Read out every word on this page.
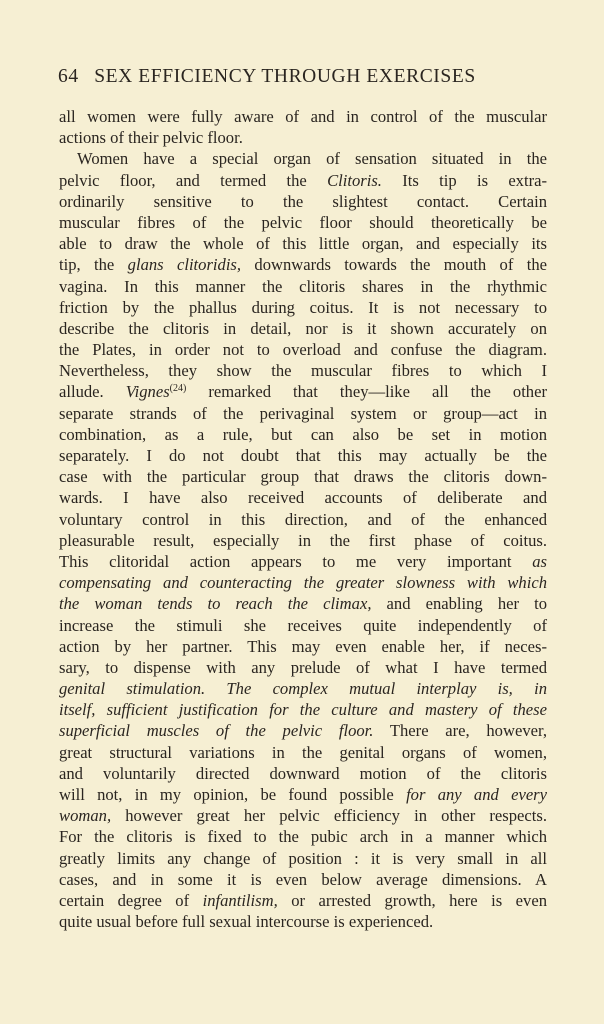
64 SEX EFFICIENCY THROUGH EXERCISES
all women were fully aware of and in control of the muscular
actions of their pelvic floor.
Women have a special organ of sensation situated in the
pelvic floor, and termed the Clitoris. Its tip is extra-
ordinarily sensitive to the slightest contact. Certain
muscular fibres of the pelvic floor should theoretically be
able to draw the whole of this little organ, and especially its
tip, the glans clitoridis, downwards towards the mouth of the
vagina. In this manner the clitoris shares in the rhythmic
friction by the phallus during coitus. It is not necessary to
describe the clitoris in detail, nor is it shown accurately on
the Plates, in order not to overload and confuse the diagram.
Nevertheless, they show the muscular fibres to which I
allude. Vignes$^{(24)}$ remarked that they—like all the other
separate strands of the perivaginal system or group—act in
combination, as a rule, but can also be set in motion
separately. I do not doubt that this may actually be the
case with the particular group that draws the clitoris down-
wards. I have also received accounts of deliberate and
voluntary control in this direction, and of the enhanced
pleasurable result, especially in the first phase of coitus.
This clitoridal action appears to me very important as
compensating and counteracting the greater slowness with which
the woman tends to reach the climax, and enabling her to
increase the stimuli she receives quite independently of
action by her partner. This may even enable her, if neces-
sary, to dispense with any prelude of what I have termed
genital stimulation. The complex mutual interplay is, in
itself, sufficient justification for the culture and mastery of these
superficial muscles of the pelvic floor. There are, however,
great structural variations in the genital organs of women,
and voluntarily directed downward motion of the clitoris
will not, in my opinion, be found possible for any and every
woman, however great her pelvic efficiency in other respects.
For the clitoris is fixed to the pubic arch in a manner which
greatly limits any change of position : it is very small in all
cases, and in some it is even below average dimensions. A
certain degree of infantilism, or arrested growth, here is even
quite usual before full sexual intercourse is experienced.
